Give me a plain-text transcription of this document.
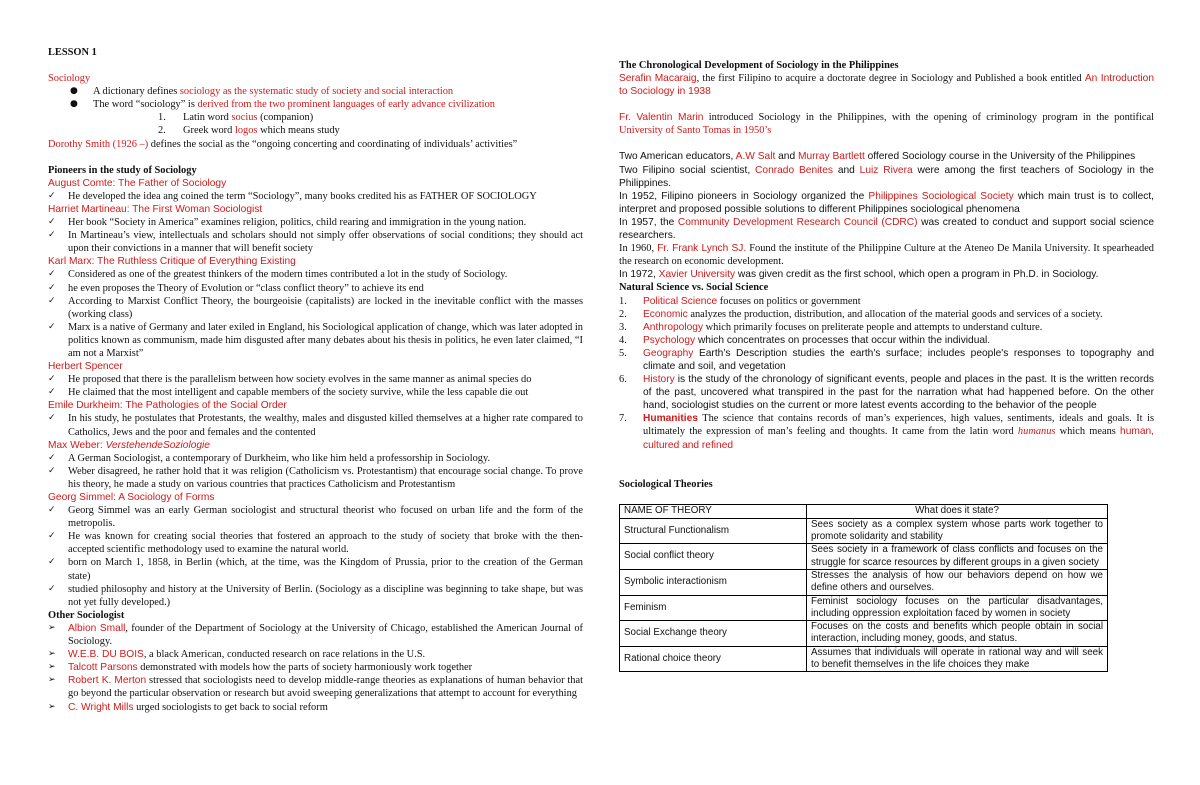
LESSON 1

Sociology

●	A dictionary defines sociology as the systematic study of society and social interaction
●	The word “sociology” is derived from the two prominent languages of early advance civilization
1.	Latin word socius (companion)
2.	Greek word logos which means study

Dorothy Smith (1926 –) defines the social as the “ongoing concerting and coordinating of individuals’ activities”

Pioneers in the study of Sociology

August Comte: The Father of Sociology

✓	He developed the idea ang coined the term “Sociology”, many books credited his as FATHER OF SOCIOLOGY

Harriet Martineau: The First Woman Sociologist

✓	Her book “Society in America” examines religion, politics, child rearing and immigration in the young nation.
✓	In Martineau’s view, intellectuals and scholars should not simply offer observations of social conditions; they should act upon their convictions in a manner that will benefit society

Karl Marx: The Ruthless Critique of Everything Existing

✓	Considered as one of the greatest thinkers of the modern times contributed a lot in the study of Sociology.
✓	he even proposes the Theory of Evolution or “class conflict theory” to achieve its end
✓	According to Marxist Conflict Theory, the bourgeoisie (capitalists) are locked in the inevitable conflict with the masses (working class)
✓	Marx is a native of Germany and later exiled in England, his Sociological application of change, which was later adopted in politics known as communism, made him disgusted after many debates about his thesis in politics, he even later claimed, “I am not a Marxist”

Herbert Spencer

✓	He proposed that there is the parallelism between how society evolves in the same manner as animal species do
✓	He claimed that the most intelligent and capable members of the society survive, while the less capable die out

Emile Durkheim: The Pathologies of the Social Order

✓	In his study, he postulates that Protestants, the wealthy, males and disgusted killed themselves at a higher rate compared to Catholics, Jews and the poor and females and the contented

Max Weber: VerstehendeSoziologie

✓	A German Sociologist, a contemporary of Durkheim, who like him held a professorship in Sociology.
✓	Weber disagreed, he rather hold that it was religion (Catholicism vs. Protestantism) that encourage social change. To prove his theory, he made a study on various countries that practices Catholicism and Protestantism

Georg Simmel: A Sociology of Forms

✓	Georg Simmel was an early German sociologist and structural theorist who focused on urban life and the form of the metropolis.
✓	He was known for creating social theories that fostered an approach to the study of society that broke with the then-accepted scientific methodology used to examine the natural world.
✓	born on March 1, 1858, in Berlin (which, at the time, was the Kingdom of Prussia, prior to the creation of the German state)
✓	studied philosophy and history at the University of Berlin. (Sociology as a discipline was beginning to take shape, but was not yet fully developed.)

Other Sociologist

➢	Albion Small, founder of the Department of Sociology at the University of Chicago, established the American Journal of Sociology.
➢	W.E.B. DU BOIS, a black American, conducted research on race relations in the U.S.
➢	Talcott Parsons demonstrated with models how the parts of society harmoniously work together
➢	Robert K. Merton stressed that sociologists need to develop middle-range theories as explanations of human behavior that go beyond the particular observation or research but avoid sweeping generalizations that attempt to account for everything
➢	C. Wright Mills urged sociologists to get back to social reform

The Chronological Development of Sociology in the Philippines

Serafin Macaraig, the first Filipino to acquire a doctorate degree in Sociology and Published a book entitled An Introduction to Sociology in 1938

Fr. Valentin Marin introduced Sociology in the Philippines, with the opening of criminology program in the pontifical University of Santo Tomas in 1950’s

Two American educators, A.W Salt and Murray Bartlett offered Sociology course in the University of the Philippines

Two Filipino social scientist, Conrado Benites and Luiz Rivera were among the first teachers of Sociology in the Philippines.

In 1952, Filipino pioneers in Sociology organized the Philippines Sociological Society which main trust is to collect, interpret and proposed possible solutions to different Philippines sociological phenomena

In 1957, the Community Development Research Council (CDRC) was created to conduct and support social science researchers.

In 1960, Fr. Frank Lynch SJ. Found the institute of the Philippine Culture at the Ateneo De Manila University. It spearheaded the research on economic development.

In 1972, Xavier University was given credit as the first school, which open a program in Ph.D. in Sociology.

Natural Science vs. Social Science

1.	Political Science focuses on politics or government
2.	Economic analyzes the production, distribution, and allocation of the material goods and services of a society.
3.	Anthropology which primarily focuses on preliterate people and attempts to understand culture.
4.	Psychology which concentrates on processes that occur within the individual.
5.	Geography Earth’s Description studies the earth's surface; includes people's responses to topography and climate and soil, and vegetation
6.	History is the study of the chronology of significant events, people and places in the past. It is the written records of the past, uncovered what transpired in the past for the narration what had happened before. On the other hand, sociologist studies on the current or more latest events according to the behavior of the people
7.	Humanities The science that contains records of man’s experiences, high values, sentiments, ideals and goals. It is ultimately the expression of man’s feeling and thoughts. It came from the latin word humanus which means human, cultured and refined

Sociological Theories

NAME OF THEORY	What does it state?
Structural Functionalism	Sees society as a complex system whose parts work together to promote solidarity and stability
Social conflict theory	Sees society in a framework of class conflicts and focuses on the struggle for scarce resources by different groups in a given society
Symbolic interactionism	Stresses the analysis of how our behaviors depend on how we define others and ourselves.
Feminism	Feminist sociology focuses on the particular disadvantages, including oppression exploitation faced by women in society
Social Exchange theory	Focuses on the costs and benefits which people obtain in social interaction, including money, goods, and status.
Rational choice theory	Assumes that individuals will operate in rational way and will seek to benefit themselves in the life choices they make
